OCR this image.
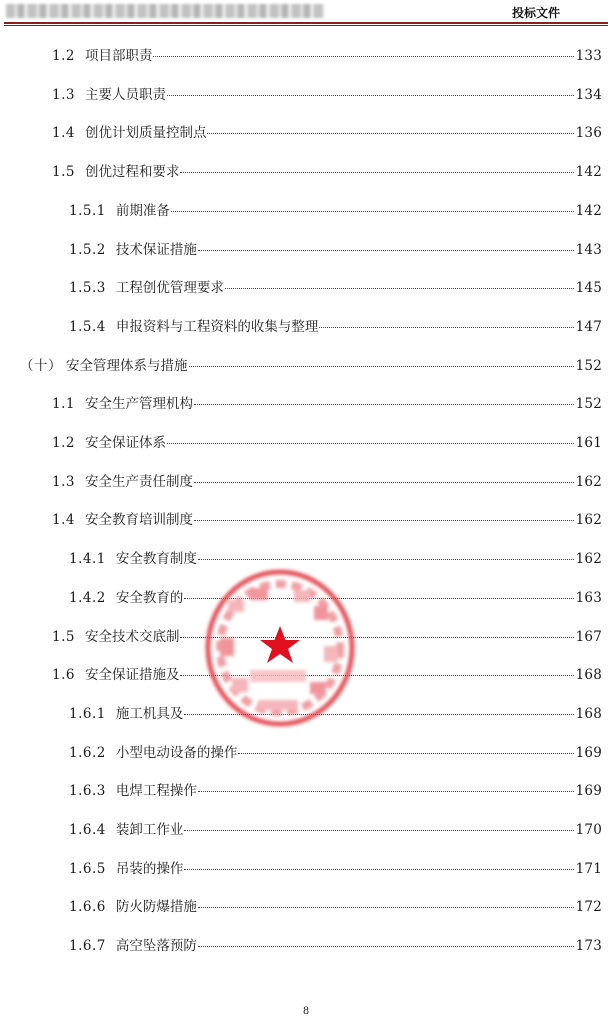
投标文件
1.2 项目部职责	133
1.3 主要人员职责	134
1.4 创优计划质量控制点	136
1.5 创优过程和要求	142
1.5.1 前期准备	142
1.5.2 技术保证措施	143
1.5.3 工程创优管理要求	145
1.5.4 申报资料与工程资料的收集与整理	147
（十） 安全管理体系与措施	152
1.1 安全生产管理机构	152
1.2 安全保证体系	161
1.3 安全生产责任制度	162
1.4 安全教育培训制度	162
1.4.1 安全教育制度	162
1.4.2 安全教育的	163
1.5 安全技术交底制	167
1.6 安全保证措施及	168
1.6.1 施工机具及	168
1.6.2 小型电动设备的操作	169
1.6.3 电焊工程操作	169
1.6.4 装卸工作业	170
1.6.5 吊装的操作	171
1.6.6 防火防爆措施	172
1.6.7 高空坠落预防	173
8
